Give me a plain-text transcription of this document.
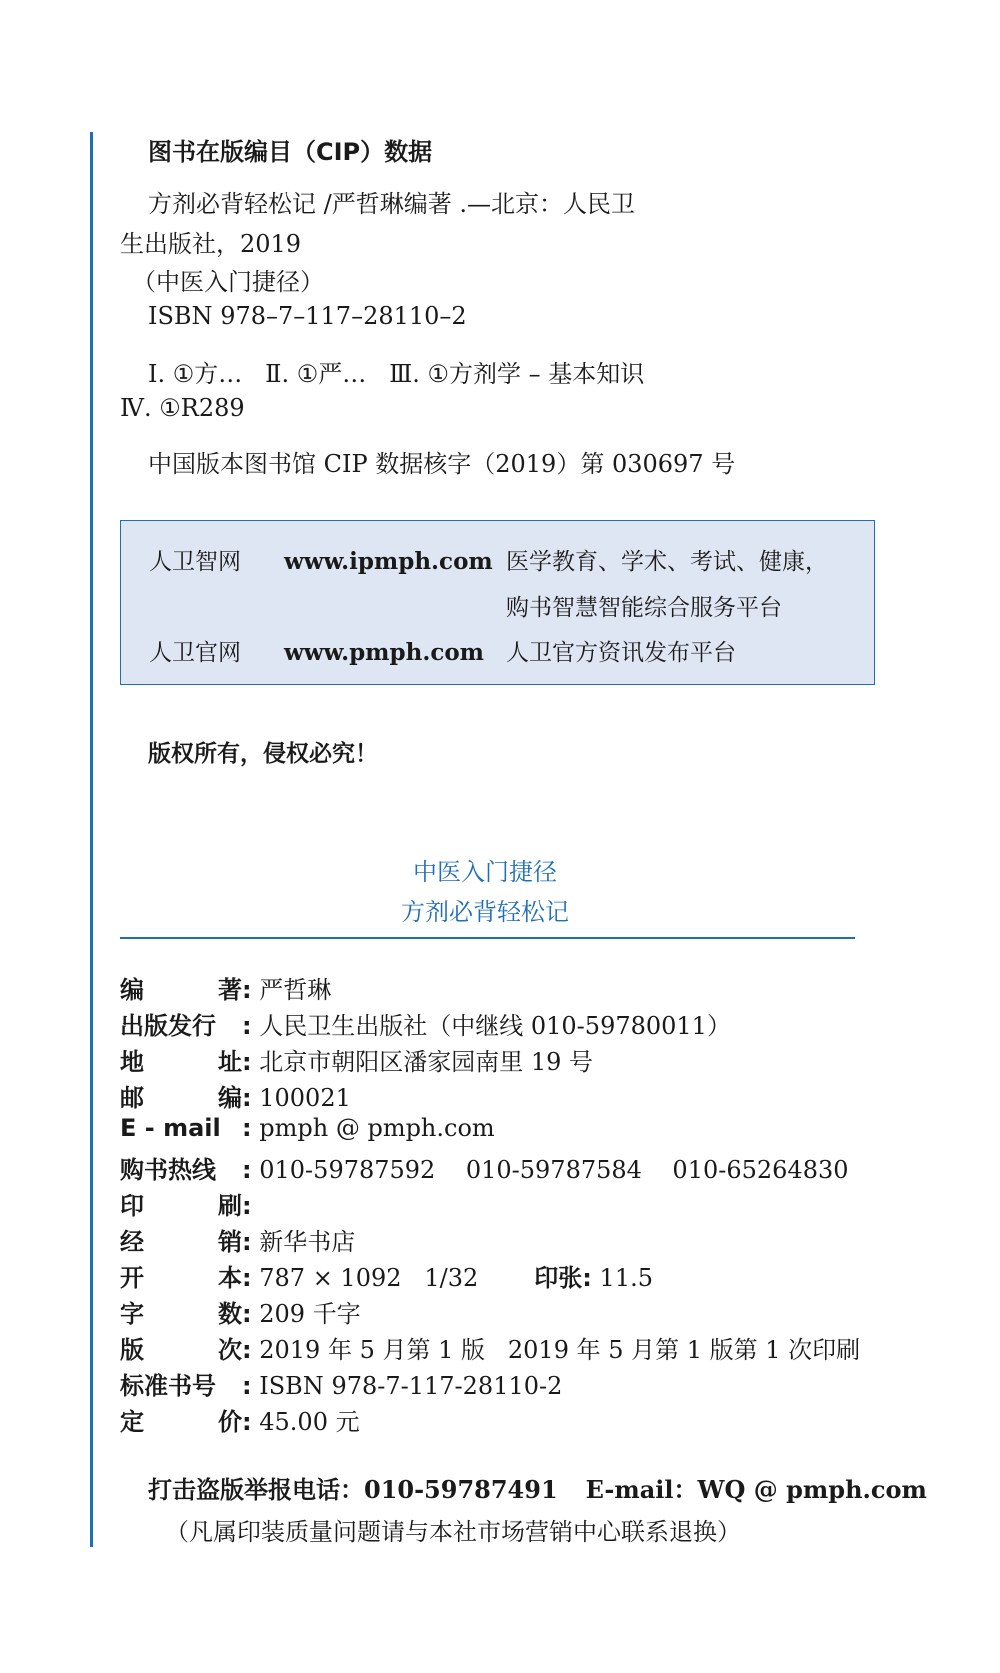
图书在版编目（CIP）数据
方剂必背轻松记 /严哲琳编著 .—北京：人民卫
生出版社，2019
（中医入门捷径）
ISBN 978–7–117–28110–2
Ⅰ. ①方…   Ⅱ. ①严…   Ⅲ. ①方剂学 – 基本知识
Ⅳ. ①R289
中国版本图书馆 CIP 数据核字（2019）第 030697 号
人卫智网 www.ipmph.com 医学教育、学术、考试、健康，
购书智慧智能综合服务平台
人卫官网 www.pmph.com 人卫官方资讯发布平台
版权所有，侵权必究！
中医入门捷径
方剂必背轻松记
编	著 : 严哲琳
出版发行 : 人民卫生出版社（中继线 010-59780011）
地	址 : 北京市朝阳区潘家园南里 19 号
邮	编 : 100021
E - mail : pmph @ pmph.com
购书热线 : 010-59787592    010-59787584    010-65264830
印	刷 :
经	销 : 新华书店
开	本 : 787 × 1092   1/32 印张: 11.5
字	数 : 209 千字
版	次 : 2019 年 5 月第 1 版   2019 年 5 月第 1 版第 1 次印刷
标准书号 : ISBN 978-7-117-28110-2
定	价 : 45.00 元
打击盗版举报电话：010-59787491 E-mail：WQ @ pmph.com
（凡属印装质量问题请与本社市场营销中心联系退换）
